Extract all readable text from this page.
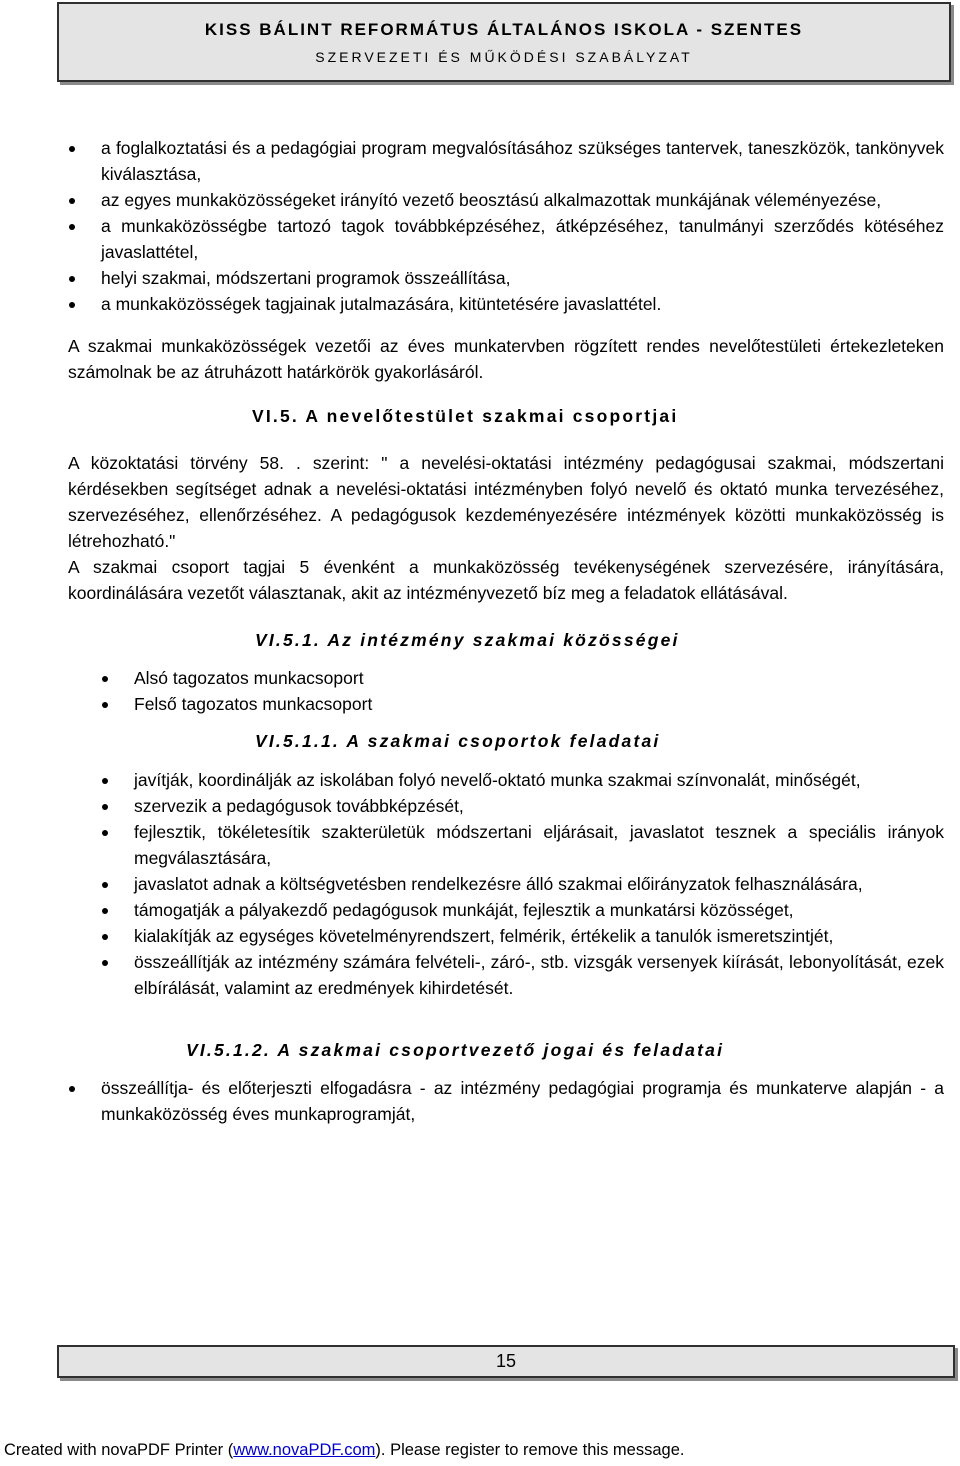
KISS BÁLINT REFORMÁTUS ÁLTALÁNOS ISKOLA - SZENTES
SZERVEZETI ÉS MŰKÖDÉSI SZABÁLYZAT
a foglalkoztatási és a pedagógiai program megvalósításához szükséges tantervek, taneszközök, tankönyvek kiválasztása,
az egyes munkaközösségeket irányító vezető beosztású alkalmazottak munkájának véleményezése,
a munkaközösségbe tartozó tagok továbbképzéséhez, átképzéséhez, tanulmányi szerződés kötéséhez javaslattétel,
helyi szakmai, módszertani programok összeállítása,
a munkaközösségek tagjainak jutalmazására, kitüntetésére javaslattétel.
A szakmai munkaközösségek vezetői az éves munkatervben rögzített rendes nevelőtestületi értekezleteken számolnak be az átruházott határkörök gyakorlásáról.
VI.5. A nevelőtestület szakmai csoportjai
A közoktatási törvény 58. . szerint: " a nevelési-oktatási intézmény pedagógusai szakmai, módszertani kérdésekben segítséget adnak a nevelési-oktatási intézményben folyó nevelő és oktató munka tervezéséhez, szervezéséhez, ellenőrzéséhez. A pedagógusok kezdeményezésére intézmények közötti munkaközösség is létrehozható."
A szakmai csoport tagjai 5 évenként a munkaközösség tevékenységének szervezésére, irányítására, koordinálására vezetőt választanak, akit az intézményvezető bíz meg a feladatok ellátásával.
VI.5.1. Az intézmény szakmai közösségei
Alsó tagozatos munkacsoport
Felső tagozatos munkacsoport
VI.5.1.1. A szakmai csoportok feladatai
javítják, koordinálják az iskolában folyó nevelő-oktató munka szakmai színvonalát, minőségét,
szervezik a pedagógusok továbbképzését,
fejlesztik, tökéletesítik szakterületük módszertani eljárásait, javaslatot tesznek a speciális irányok megválasztására,
javaslatot adnak a költségvetésben rendelkezésre álló szakmai előirányzatok felhasználására,
támogatják a pályakezdő pedagógusok munkáját, fejlesztik a munkatársi közösséget,
kialakítják az egységes követelményrendszert, felmérik, értékelik a tanulók ismeretszintjét,
összeállítják az intézmény számára felvételi-, záró-, stb. vizsgák versenyek kiírását, lebonyolítását, ezek elbírálását, valamint az eredmények kihirdetését.
VI.5.1.2. A szakmai csoportvezető jogai és feladatai
összeállítja- és előterjeszti elfogadásra - az intézmény pedagógiai programja és munkaterve alapján - a munkaközösség éves munkaprogramját,
15
Created with novaPDF Printer (www.novaPDF.com). Please register to remove this message.
